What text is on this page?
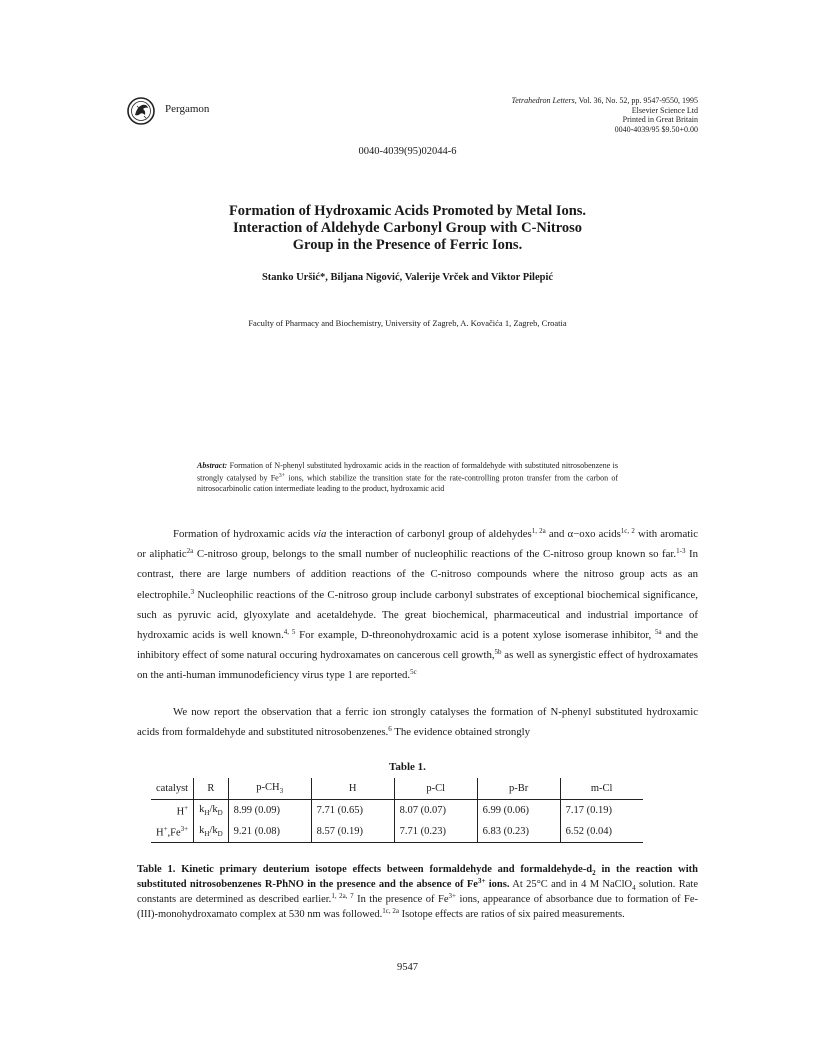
Pergamon
Tetrahedron Letters, Vol. 36, No. 52, pp. 9547-9550, 1995
Elsevier Science Ltd
Printed in Great Britain
0040-4039/95 $9.50+0.00
0040-4039(95)02044-6
Formation of Hydroxamic Acids Promoted by Metal Ions.
Interaction of Aldehyde Carbonyl Group with C-Nitroso
Group in the Presence of Ferric Ions.
Stanko Uršić*, Biljana Nigović, Valerije Vrček and Viktor Pilepić
Faculty of Pharmacy and Biochemistry, University of Zagreb, A. Kovačića 1, Zagreb, Croatia
Abstract: Formation of N-phenyl substituted hydroxamic acids in the reaction of formaldehyde with substituted nitrosobenzene is strongly catalysed by $Fe^{3+}$ ions, which stabilize the transition state for the rate-controlling proton transfer from the carbon of nitrosocarbinolic cation intermediate leading to the product, hydroxamic acid
Formation of hydroxamic acids via the interaction of carbonyl group of aldehydes$^{1, 2a}$ and α−oxo acids$^{1c, 2}$ with aromatic or aliphatic$^{2a}$ C-nitroso group, belongs to the small number of nucleophilic reactions of the C-nitroso group known so far.$^{1-3}$ In contrast, there are large numbers of addition reactions of the C-nitroso compounds where the nitroso group acts as an electrophile.$^3$ Nucleophilic reactions of the C-nitroso group include carbonyl substrates of exceptional biochemical significance, such as pyruvic acid, glyoxylate and acetaldehyde. The great biochemical, pharmaceutical and industrial importance of hydroxamic acids is well known.$^{4, 5}$ For example, D-threonohydroxamic acid is a potent xylose isomerase inhibitor, $^{5a}$ and the inhibitory effect of some natural occuring hydroxamates on cancerous cell growth,$^{5b}$ as well as synergistic effect of hydroxamates on the anti-human immunodeficiency virus type 1 are reported.$^{5c}$
We now report the observation that a ferric ion strongly catalyses the formation of N-phenyl substituted hydroxamic acids from formaldehyde and substituted nitrosobenzenes.$^6$ The evidence obtained strongly
Table 1.
catalyst	R	$p-CH_3$	H	p-Cl	p-Br	m-Cl
H+	$k_H/k_D$	8.99 (0.09)	7.71 (0.65)	8.07 (0.07)	6.99 (0.06)	7.17 (0.19)
$H^+,Fe^{3+}$	$k_H/k_D$	9.21 (0.08)	8.57 (0.19)	7.71 (0.23)	6.83 (0.23)	6.52 (0.04)
Table 1. Kinetic primary deuterium isotope effects between formaldehyde and formaldehyde-$d_2$ in the reaction with substituted nitrosobenzenes R-PhNO in the presence and the absence of $Fe^{3+}$ ions. At 25°C and in 4 M NaClO$_4$ solution. Rate constants are determined as described earlier.$^{1, 2a, 7}$ In the presence of $Fe^{3+}$ ions, appearance of absorbance due to formation of Fe-(III)-monohydroxamato complex at 530 nm was followed.$^{1c, 2a}$ Isotope effects are ratios of six paired measurements.
9547
